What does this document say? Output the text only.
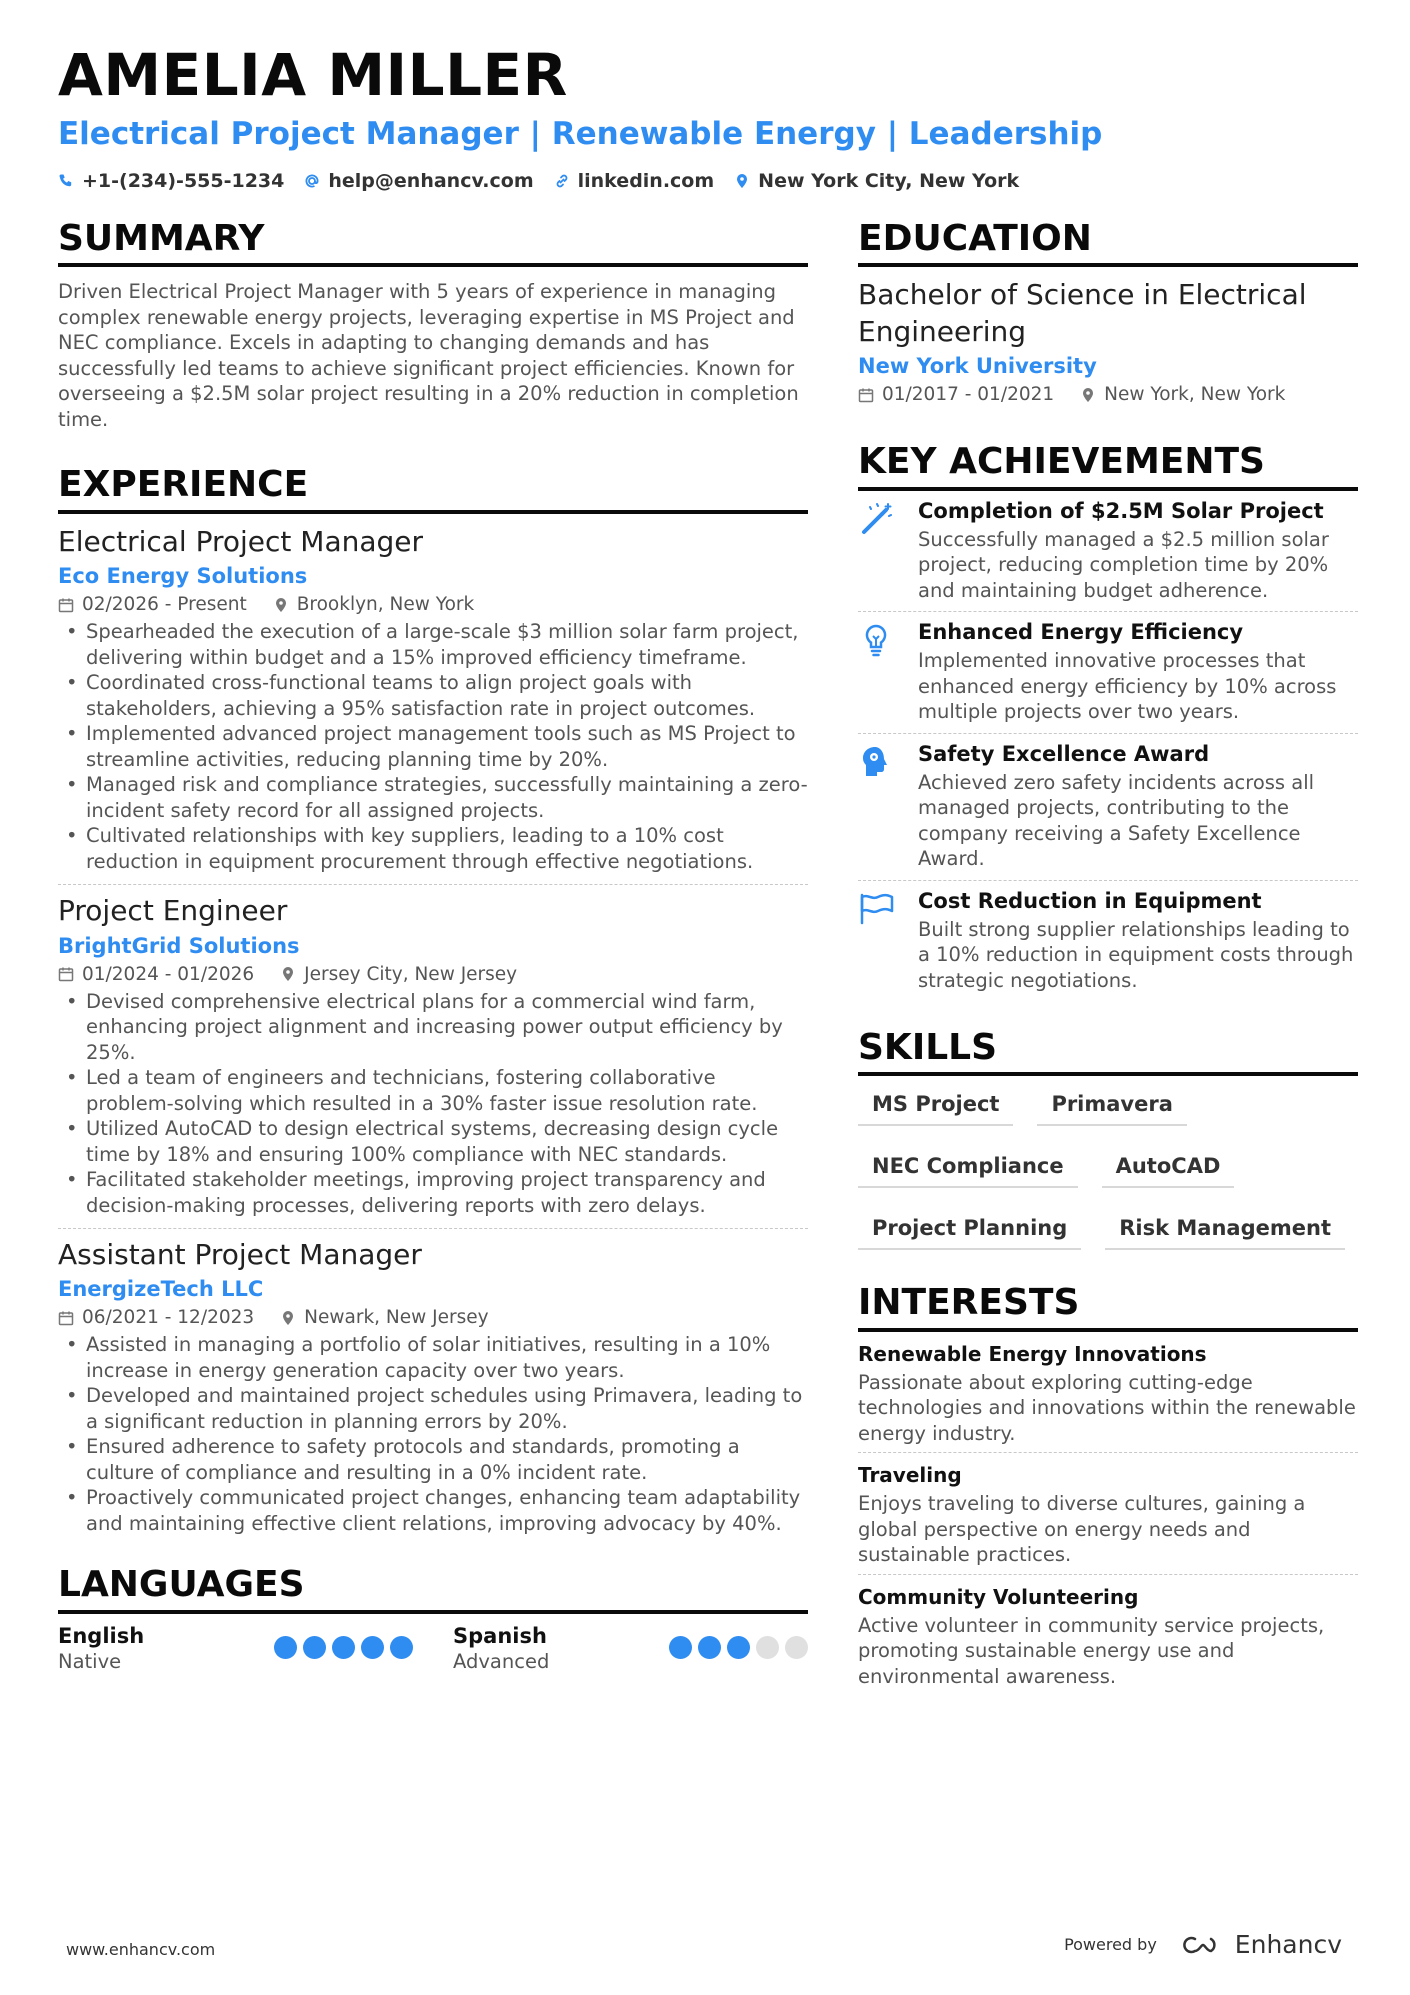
AMELIA MILLER
Electrical Project Manager | Renewable Energy | Leadership
+1-(234)-555-1234 help@enhancv.com linkedin.com New York City, New York
SUMMARY
Driven Electrical Project Manager with 5 years of experience in managing complex renewable energy projects, leveraging expertise in MS Project and NEC compliance. Excels in adapting to changing demands and has successfully led teams to achieve significant project efficiencies. Known for overseeing a $2.5M solar project resulting in a 20% reduction in completion time.
EXPERIENCE
Electrical Project Manager
Eco Energy Solutions
02/2026 - Present	Brooklyn, New York
• Spearheaded the execution of a large-scale $3 million solar farm project, delivering within budget and a 15% improved efficiency timeframe.
• Coordinated cross-functional teams to align project goals with stakeholders, achieving a 95% satisfaction rate in project outcomes.
• Implemented advanced project management tools such as MS Project to streamline activities, reducing planning time by 20%.
• Managed risk and compliance strategies, successfully maintaining a zero-incident safety record for all assigned projects.
• Cultivated relationships with key suppliers, leading to a 10% cost reduction in equipment procurement through effective negotiations.
Project Engineer
BrightGrid Solutions
01/2024 - 01/2026	Jersey City, New Jersey
• Devised comprehensive electrical plans for a commercial wind farm, enhancing project alignment and increasing power output efficiency by 25%.
• Led a team of engineers and technicians, fostering collaborative problem-solving which resulted in a 30% faster issue resolution rate.
• Utilized AutoCAD to design electrical systems, decreasing design cycle time by 18% and ensuring 100% compliance with NEC standards.
• Facilitated stakeholder meetings, improving project transparency and decision-making processes, delivering reports with zero delays.
Assistant Project Manager
EnergizeTech LLC
06/2021 - 12/2023	Newark, New Jersey
• Assisted in managing a portfolio of solar initiatives, resulting in a 10% increase in energy generation capacity over two years.
• Developed and maintained project schedules using Primavera, leading to a significant reduction in planning errors by 20%.
• Ensured adherence to safety protocols and standards, promoting a culture of compliance and resulting in a 0% incident rate.
• Proactively communicated project changes, enhancing team adaptability and maintaining effective client relations, improving advocacy by 40%.
LANGUAGES
English
Native
Spanish
Advanced
EDUCATION
Bachelor of Science in Electrical Engineering
New York University
01/2017 - 01/2021	New York, New York
KEY ACHIEVEMENTS
Completion of $2.5M Solar Project
Successfully managed a $2.5 million solar project, reducing completion time by 20% and maintaining budget adherence.
Enhanced Energy Efficiency
Implemented innovative processes that enhanced energy efficiency by 10% across multiple projects over two years.
Safety Excellence Award
Achieved zero safety incidents across all managed projects, contributing to the company receiving a Safety Excellence Award.
Cost Reduction in Equipment
Built strong supplier relationships leading to a 10% reduction in equipment costs through strategic negotiations.
SKILLS
MS Project	Primavera
NEC Compliance	AutoCAD
Project Planning	Risk Management
INTERESTS
Renewable Energy Innovations
Passionate about exploring cutting-edge technologies and innovations within the renewable energy industry.
Traveling
Enjoys traveling to diverse cultures, gaining a global perspective on energy needs and sustainable practices.
Community Volunteering
Active volunteer in community service projects, promoting sustainable energy use and environmental awareness.
www.enhancv.com	Powered by	Enhancv
